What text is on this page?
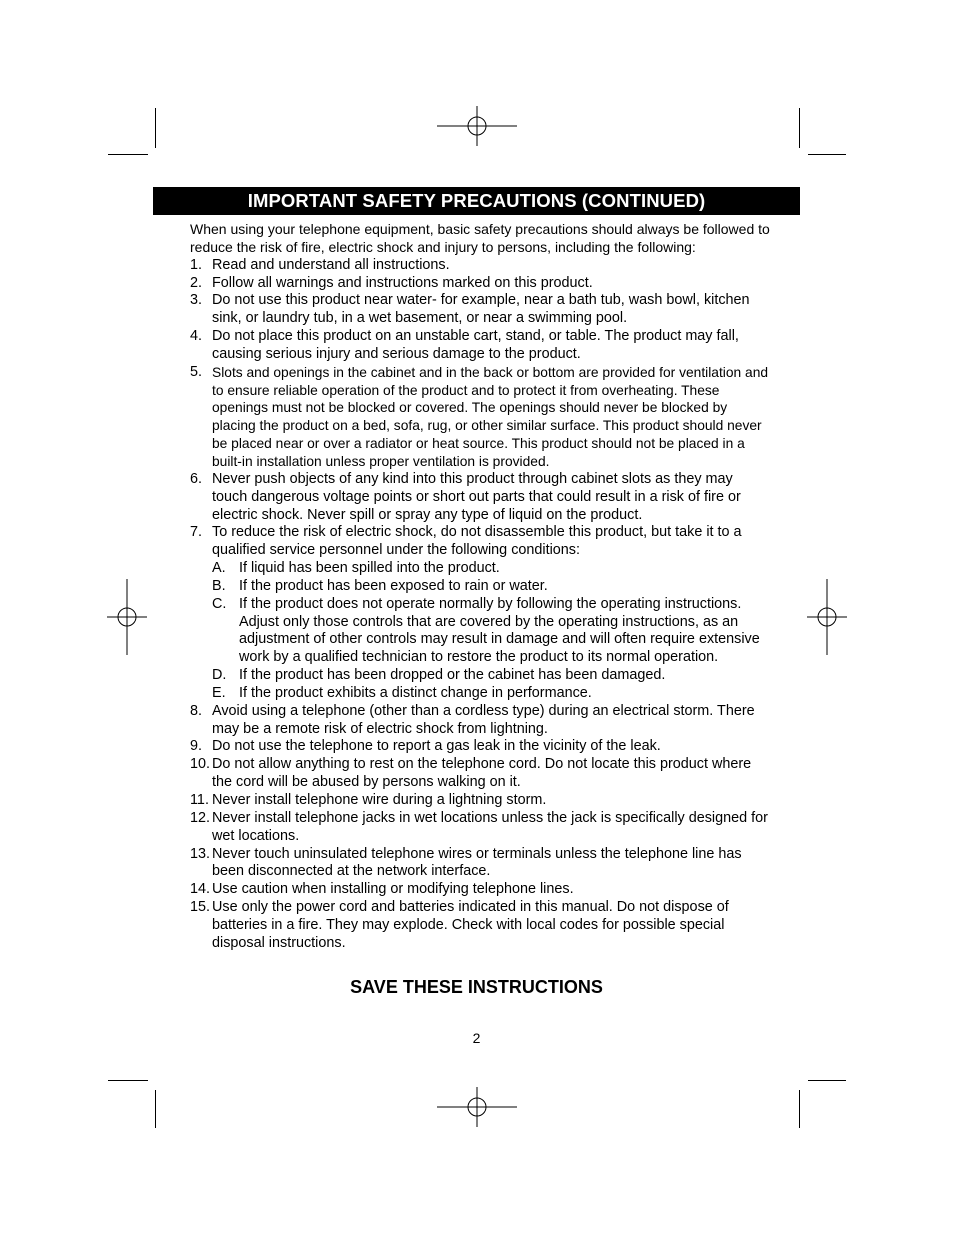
IMPORTANT SAFETY PRECAUTIONS (CONTINUED)

When using your telephone equipment, basic safety precautions should always be followed to reduce the risk of fire, electric shock and injury to persons, including the following:

1. Read and understand all instructions.
2. Follow all warnings and instructions marked on this product.
3. Do not use this product near water- for example, near a bath tub, wash bowl, kitchen sink, or laundry tub, in a wet basement, or near a swimming pool.
4. Do not place this product on an unstable cart, stand, or table. The product may fall, causing serious injury and serious damage to the product.
5. Slots and openings in the cabinet and in the back or bottom are provided for ventilation and to ensure reliable operation of the product and to protect it from overheating. These openings must not be blocked or covered. The openings should never be blocked by placing the product on a bed, sofa, rug, or other similar surface. This product should never be placed near or over a radiator or heat source. This product should not be placed in a built-in installation unless proper ventilation is provided.
6. Never push objects of any kind into this product through cabinet slots as they may touch dangerous voltage points or short out parts that could result in a risk of fire or electric shock. Never spill or spray any type of liquid on the product.
7. To reduce the risk of electric shock, do not disassemble this product, but take it to a qualified service personnel under the following conditions:
A. If liquid has been spilled into the product.
B. If the product has been exposed to rain or water.
C. If the product does not operate normally by following the operating instructions. Adjust only those controls that are covered by the operating instructions, as an adjustment of other controls may result in damage and will often require extensive work by a qualified technician to restore the product to its normal operation.
D. If the product has been dropped or the cabinet has been damaged.
E. If the product exhibits a distinct change in performance.
8. Avoid using a telephone (other than a cordless type) during an electrical storm. There may be a remote risk of electric shock from lightning.
9. Do not use the telephone to report a gas leak in the vicinity of the leak.
10. Do not allow anything to rest on the telephone cord. Do not locate this product where the cord will be abused by persons walking on it.
11. Never install telephone wire during a lightning storm.
12. Never install telephone jacks in wet locations unless the jack is specifically designed for wet locations.
13. Never touch uninsulated telephone wires or terminals unless the telephone line has been disconnected at the network interface.
14. Use caution when installing or modifying telephone lines.
15. Use only the power cord and batteries indicated in this manual. Do not dispose of batteries in a fire. They may explode. Check with local codes for possible special disposal instructions.
SAVE THESE INSTRUCTIONS
2
